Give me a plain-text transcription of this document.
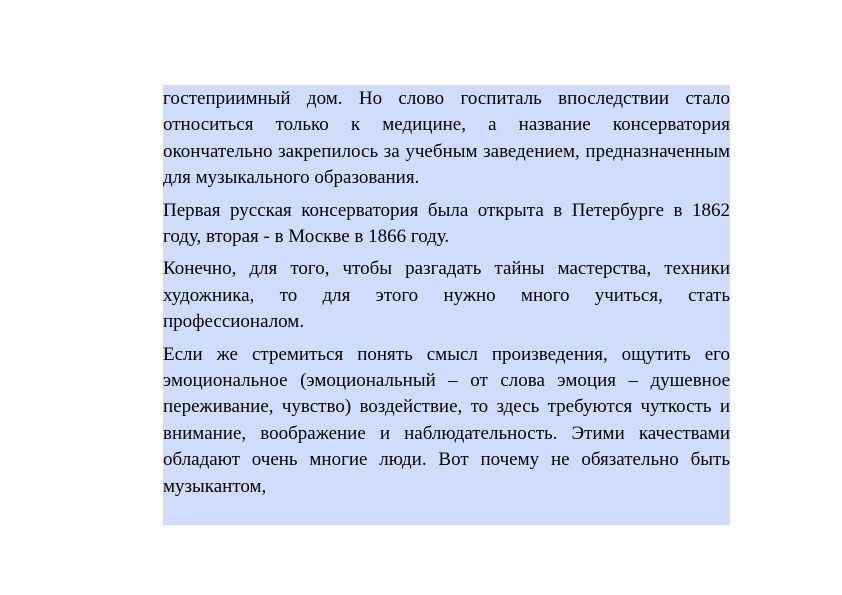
гостеприимный дом. Но слово госпиталь впоследствии стало относиться только к медицине, а название консерватория окончательно закрепилось за учебным заведением, предназначенным для музыкального образования.

Первая русская консерватория была открыта в Петербурге в 1862 году, вторая - в Москве в 1866 году.

Конечно, для того, чтобы разгадать тайны мастерства, техники художника, то для этого нужно много учиться, стать профессионалом.

Если же стремиться понять смысл произведения, ощутить его эмоциональное (эмоциональный – от слова эмоция – душевное переживание, чувство) воздействие, то здесь требуются чуткость и внимание, воображение и наблюдательность. Этими качествами обладают очень многие люди. Вот почему не обязательно быть музыкантом,
